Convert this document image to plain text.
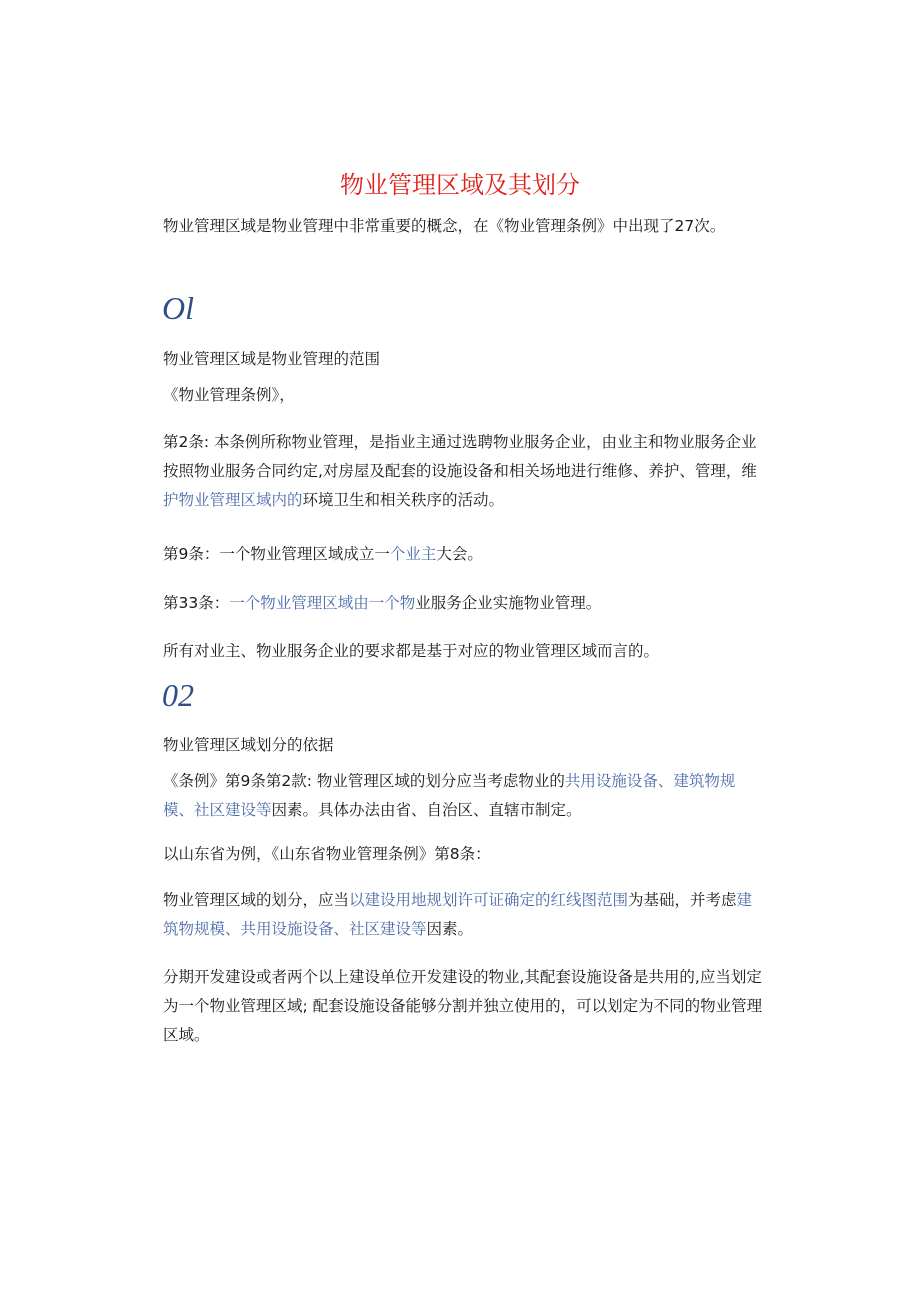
物业管理区域及其划分

物业管理区域是物业管理中非常重要的概念，在《物业管理条例》中出现了27次。

Ol

物业管理区域是物业管理的范围

《物业管理条例》，

第2条: 本条例所称物业管理，是指业主通过选聘物业服务企业，由业主和物业服务企业按照物业服务合同约定,对房屋及配套的设施设备和相关场地进行维修、养护、管理，维护物业管理区域内的环境卫生和相关秩序的活动。

第9条：一个物业管理区域成立一个业主大会。

第33条：一个物业管理区域由一个物业服务企业实施物业管理。

所有对业主、物业服务企业的要求都是基于对应的物业管理区域而言的。

02

物业管理区域划分的依据

《条例》第9条第2款: 物业管理区域的划分应当考虑物业的共用设施设备、建筑物规模、社区建设等因素。具体办法由省、自治区、直辖市制定。

以山东省为例，《山东省物业管理条例》第8条：

物业管理区域的划分，应当以建设用地规划许可证确定的红线图范围为基础，并考虑建筑物规模、共用设施设备、社区建设等因素。

分期开发建设或者两个以上建设单位开发建设的物业,其配套设施设备是共用的,应当划定为一个物业管理区域; 配套设施设备能够分割并独立使用的，可以划定为不同的物业管理区域。
